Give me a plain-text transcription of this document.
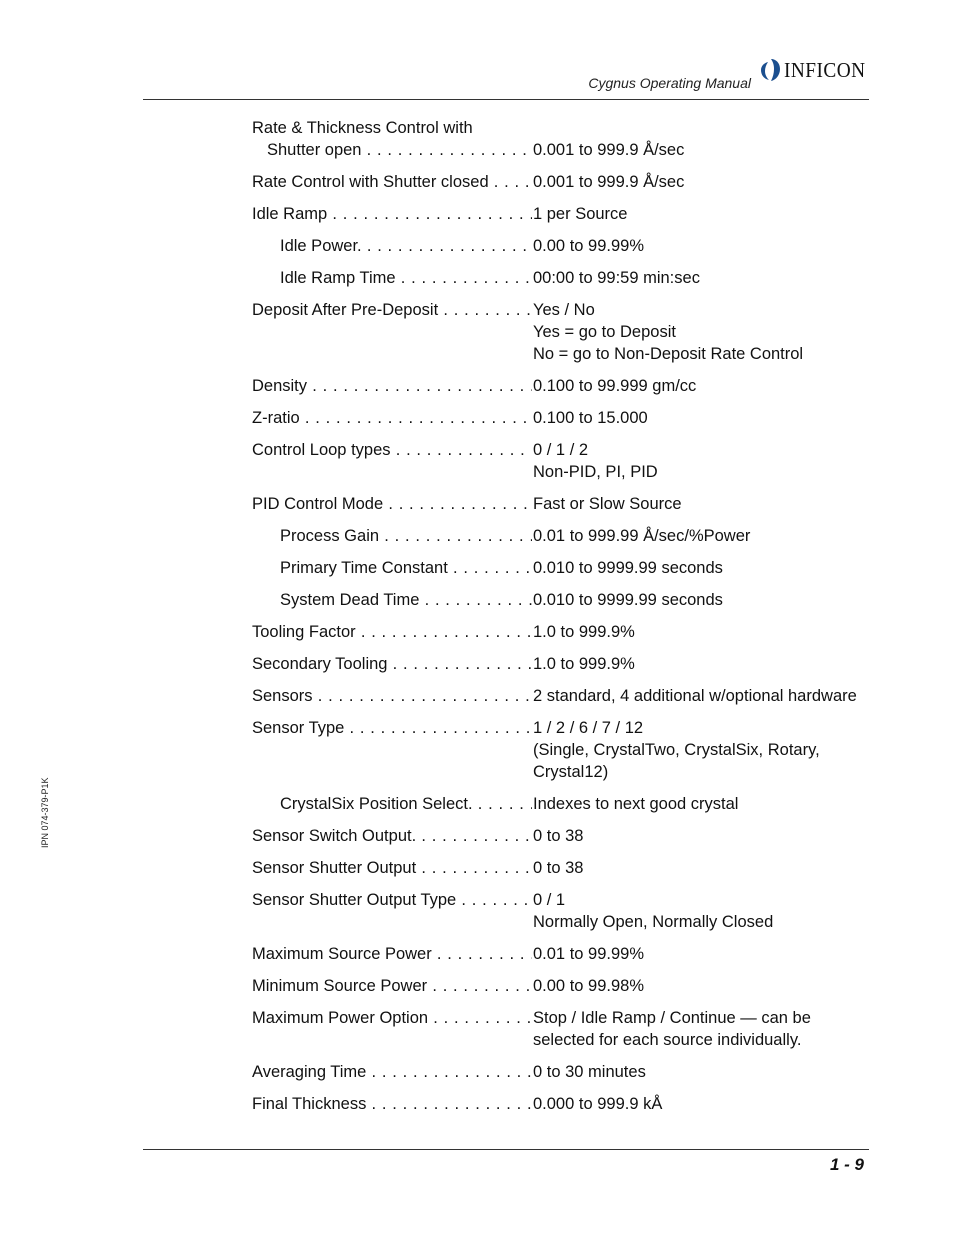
Cygnus Operating Manual
INFICON
IPN 074-379-P1K
Rate & Thickness Control with
Shutter open . . .	0.001 to 999.9 Å/sec
Rate Control with Shutter closed . . .	0.001 to 999.9 Å/sec
Idle Ramp . . .	1 per Source
Idle Power. . . .	0.00 to 99.99%
Idle Ramp Time . . .	00:00 to 99:59 min:sec
Deposit After Pre-Deposit . . .	Yes / No
Yes = go to Deposit
No = go to Non-Deposit Rate Control
Density . . .	0.100 to 99.999 gm/cc
Z-ratio . . .	0.100 to 15.000
Control Loop types . . .	0 / 1 / 2
Non-PID, PI, PID
PID Control Mode . . .	Fast or Slow Source
Process Gain . . .	0.01 to 999.99 Å/sec/%Power
Primary Time Constant . . .	0.010 to 9999.99 seconds
System Dead Time . . .	0.010 to 9999.99 seconds
Tooling Factor . . .	1.0 to 999.9%
Secondary Tooling . . .	1.0 to 999.9%
Sensors . . .	2 standard, 4 additional w/optional hardware
Sensor Type . . .	1 / 2 / 6 / 7 / 12
(Single, CrystalTwo, CrystalSix, Rotary,
Crystal12)
CrystalSix Position Select. . . .	Indexes to next good crystal
Sensor Switch Output. . . .	0 to 38
Sensor Shutter Output . . .	0 to 38
Sensor Shutter Output Type . . .	0 / 1
Normally Open, Normally Closed
Maximum Source Power . . .	0.01 to 99.99%
Minimum Source Power . . .	0.00 to 99.98%
Maximum Power Option . . .	Stop / Idle Ramp / Continue — can be
selected for each source individually.
Averaging Time . . .	0 to 30 minutes
Final Thickness . . .	0.000 to 999.9 kÅ
1 - 9
